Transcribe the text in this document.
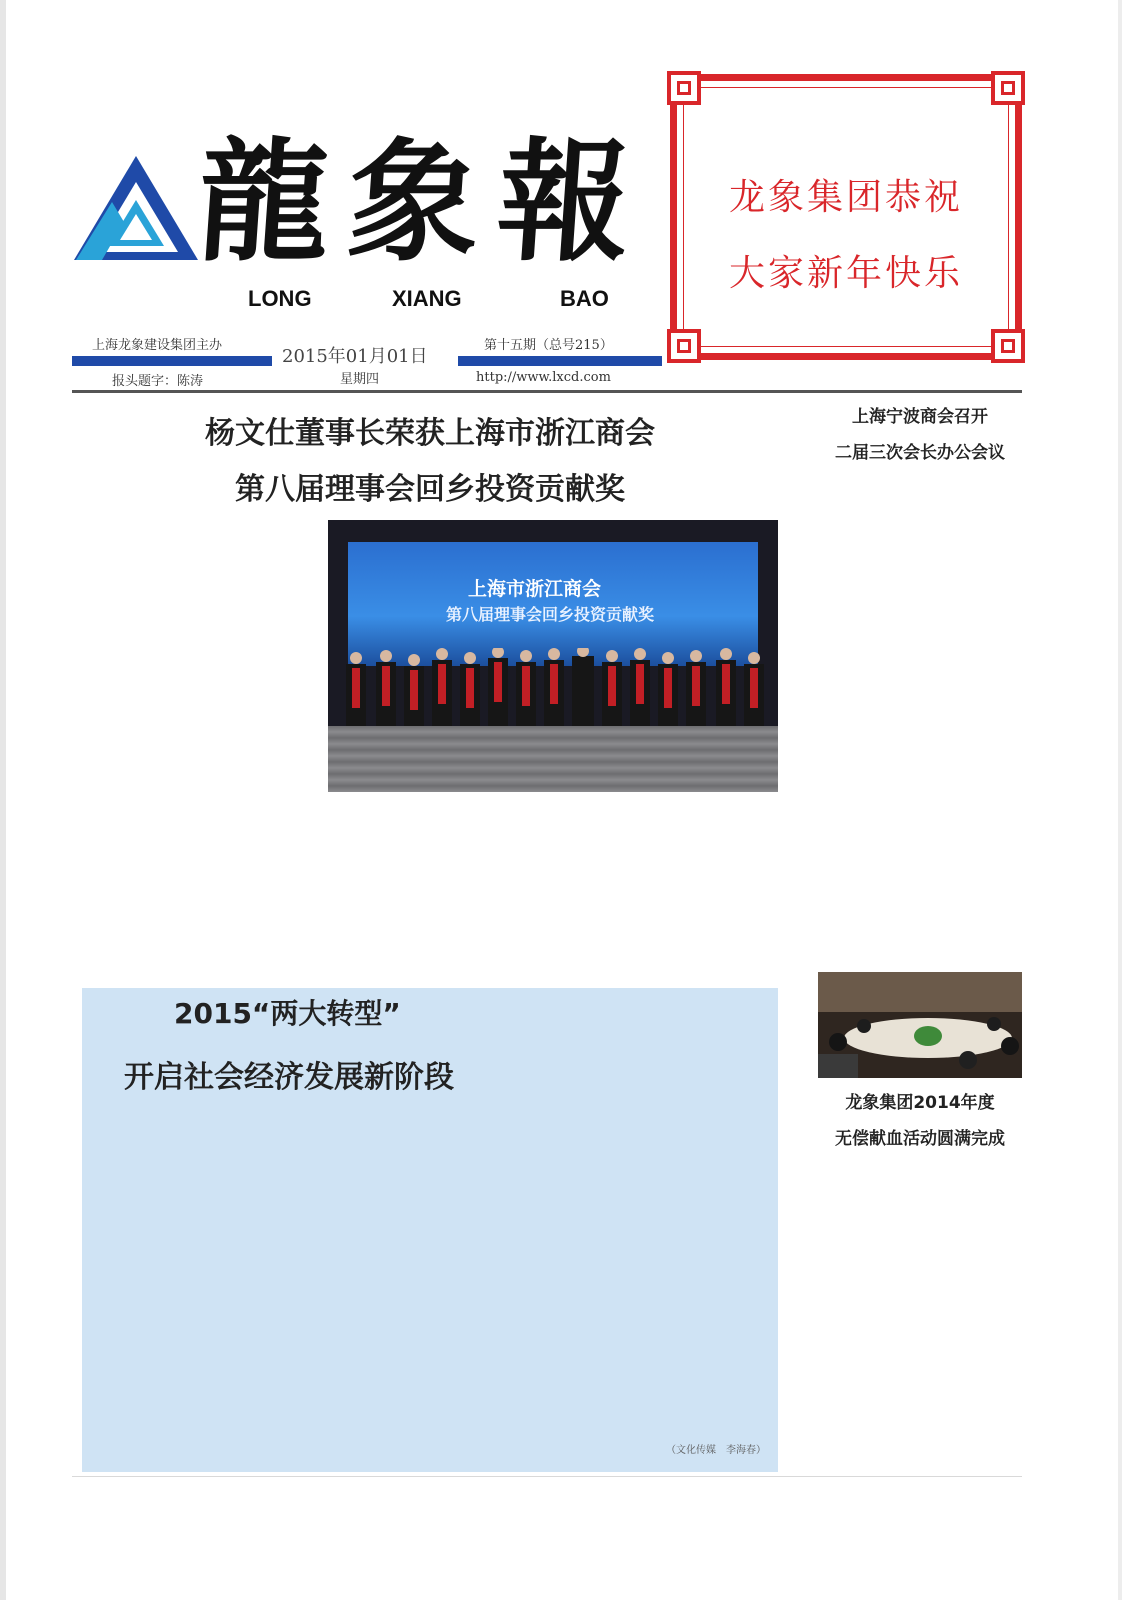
龍象報
LONG	XIANG	BAO
上海龙象建设集团主办
报头题字：陈涛
2015年01月01日
星期四
第十五期（总号215）
http://www.lxcd.com
龙象集团恭祝
大家新年快乐
杨文仕董事长荣获上海市浙江商会
第八届理事会回乡投资贡献奖

上海市浙江商会
第八届理事会回乡投资贡献奖
2015“两大转型”
开启社会经济发展新阶段
（文化传媒　李海春）
上海宁波商会召开
二届三次会长办公会议
龙象集团2014年度
无偿献血活动圆满完成
